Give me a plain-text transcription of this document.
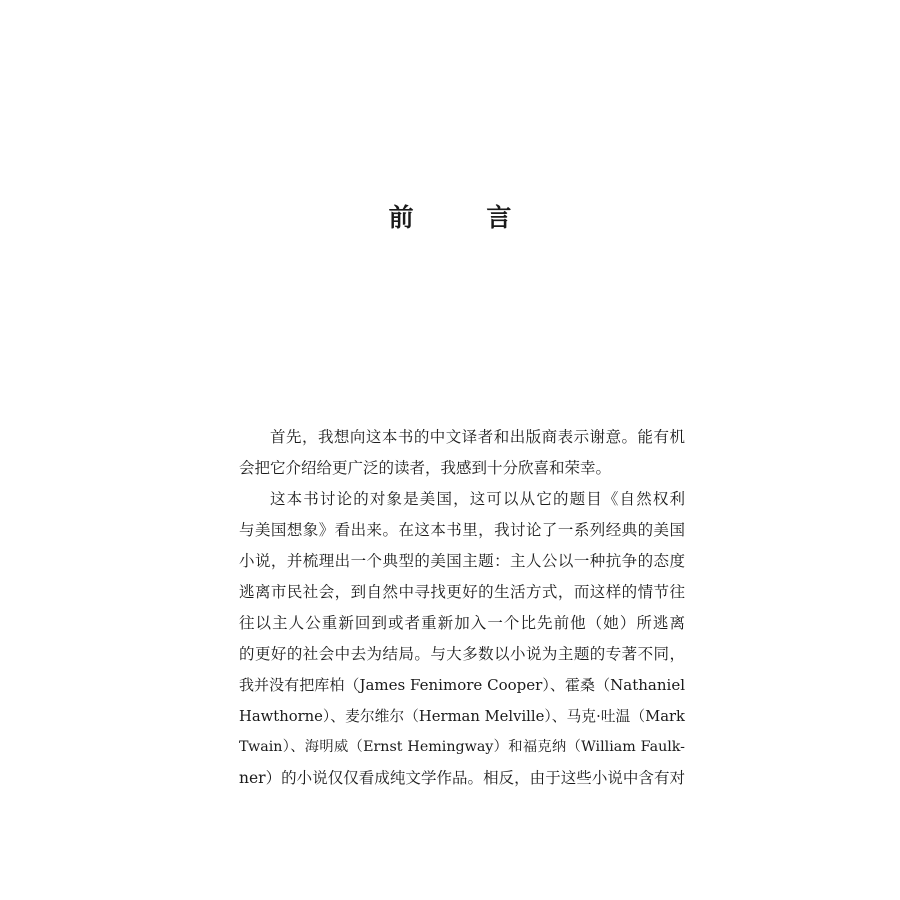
前 言
首先，我想向这本书的中文译者和出版商表示谢意。能有机
会把它介绍给更广泛的读者，我感到十分欣喜和荣幸。
这本书讨论的对象是美国，这可以从它的题目《自然权利
与美国想象》看出来。在这本书里，我讨论了一系列经典的美国
小说，并梳理出一个典型的美国主题：主人公以一种抗争的态度
逃离市民社会，到自然中寻找更好的生活方式，而这样的情节往
往以主人公重新回到或者重新加入一个比先前他（她）所逃离
的更好的社会中去为结局。与大多数以小说为主题的专著不同，
我并没有把库柏（James Fenimore Cooper）、霍桑（Nathaniel
Hawthorne）、麦尔维尔（Herman Melville）、马克·吐温（Mark
Twain）、海明威（Ernst Hemingway）和福克纳（William Faulk-
ner）的小说仅仅看成纯文学作品。相反，由于这些小说中含有对
